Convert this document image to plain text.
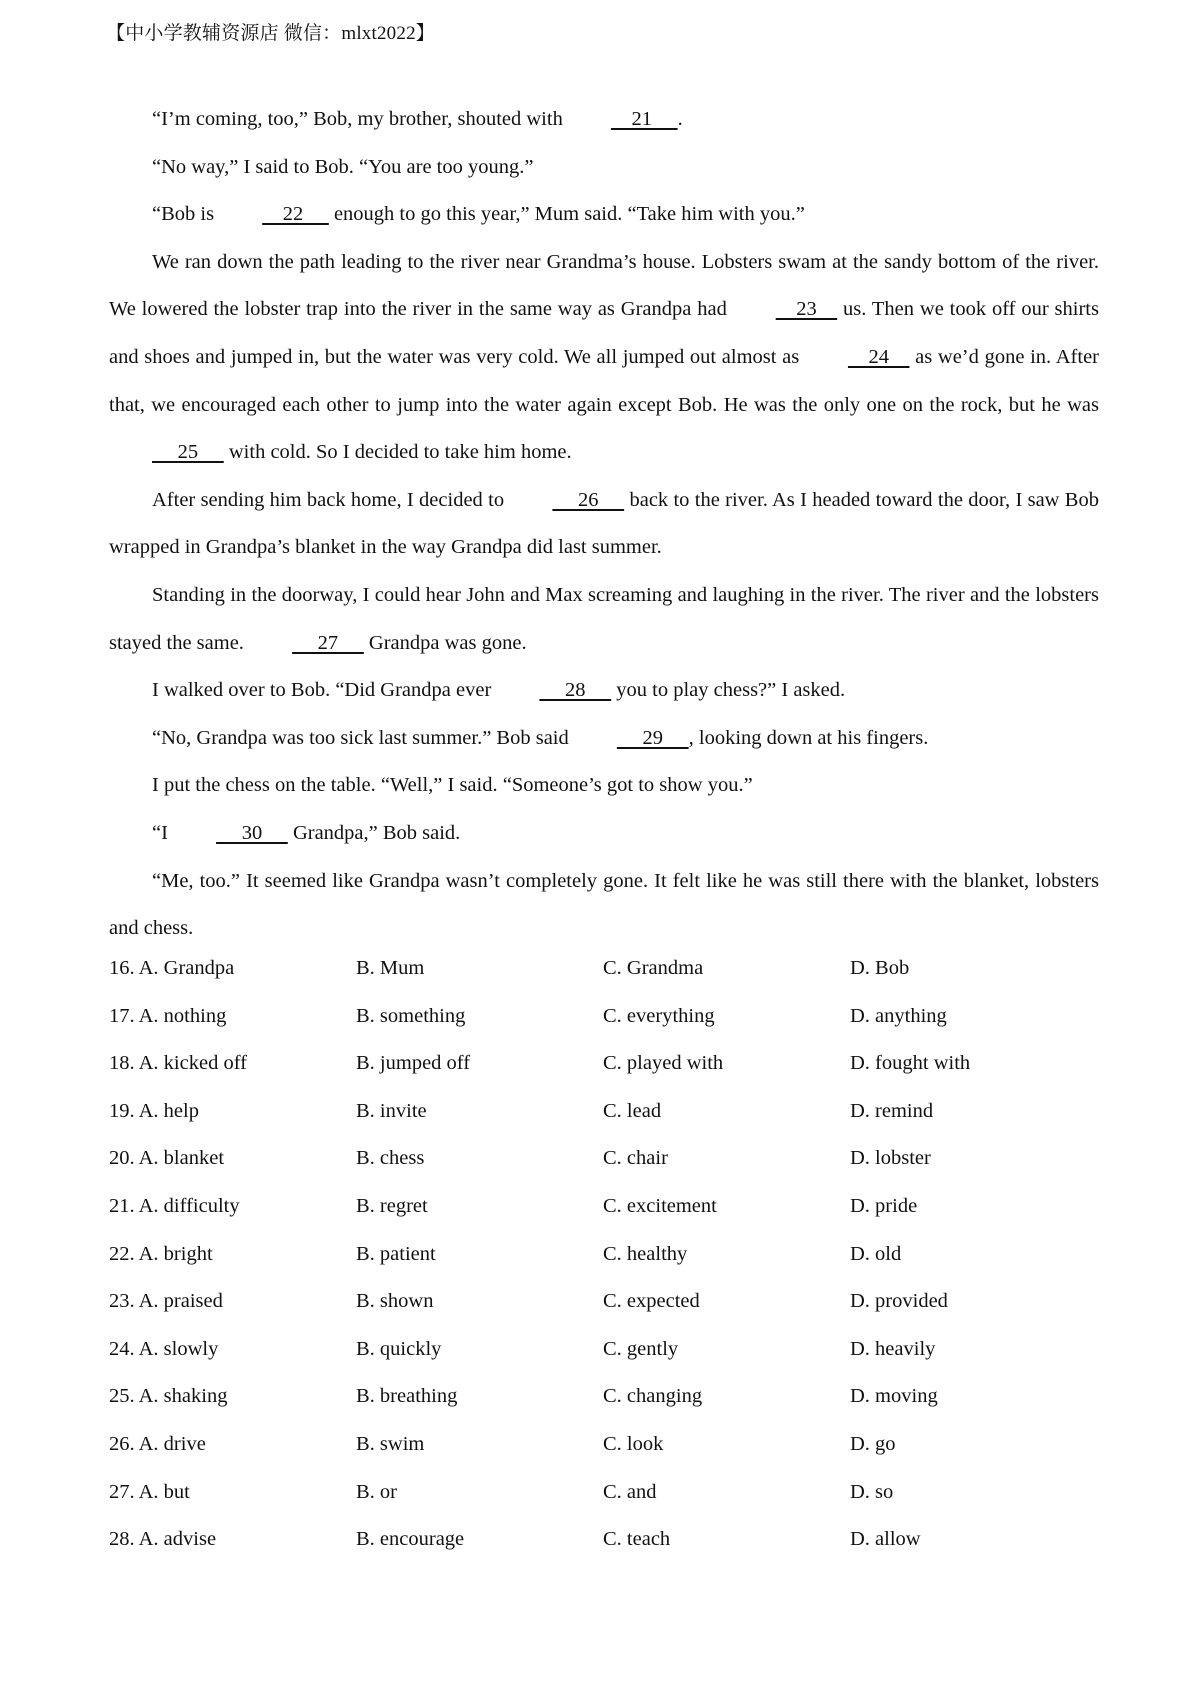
【中小学教辅资源店 微信：mlxt2022】

“I’m coming, too,” Bob, my brother, shouted with     21     .

“No way,” I said to Bob. “You are too young.”

“Bob is     22      enough to go this year,” Mum said. “Take him with you.”

We ran down the path leading to the river near Grandma’s house. Lobsters swam at the sandy bottom of the river. We lowered the lobster trap into the river in the same way as Grandpa had     23     us. Then we took off our shirts and shoes and jumped in, but the water was very cold. We all jumped out almost as     24     as we’d gone in. After that, we encouraged each other to jump into the water again except Bob. He was the only one on the rock, but he was      25      with cold. So I decided to take him home.

After sending him back home, I decided to      26      back to the river. As I headed toward the door, I saw Bob wrapped in Grandpa’s blanket in the way Grandpa did last summer.

Standing in the doorway, I could hear John and Max screaming and laughing in the river. The river and the lobsters stayed the same.      27      Grandpa was gone.

I walked over to Bob. “Did Grandpa ever      28      you to play chess?” I asked.

“No, Grandpa was too sick last summer.” Bob said      29     , looking down at his fingers.

I put the chess on the table. “Well,” I said. “Someone’s got to show you.”

“I      30      Grandpa,” Bob said.

“Me, too.” It seemed like Grandpa wasn’t completely gone. It felt like he was still there with the blanket, lobsters and chess.

16. A. Grandpa	B. Mum	C. Grandma	D. Bob
17. A. nothing	B. something	C. everything	D. anything
18. A. kicked off	B. jumped off	C. played with	D. fought with
19. A. help	B. invite	C. lead	D. remind
20. A. blanket	B. chess	C. chair	D. lobster
21. A. difficulty	B. regret	C. excitement	D. pride
22. A. bright	B. patient	C. healthy	D. old
23. A. praised	B. shown	C. expected	D. provided
24. A. slowly	B. quickly	C. gently	D. heavily
25. A. shaking	B. breathing	C. changing	D. moving
26. A. drive	B. swim	C. look	D. go
27. A. but	B. or	C. and	D. so
28. A. advise	B. encourage	C. teach	D. allow
